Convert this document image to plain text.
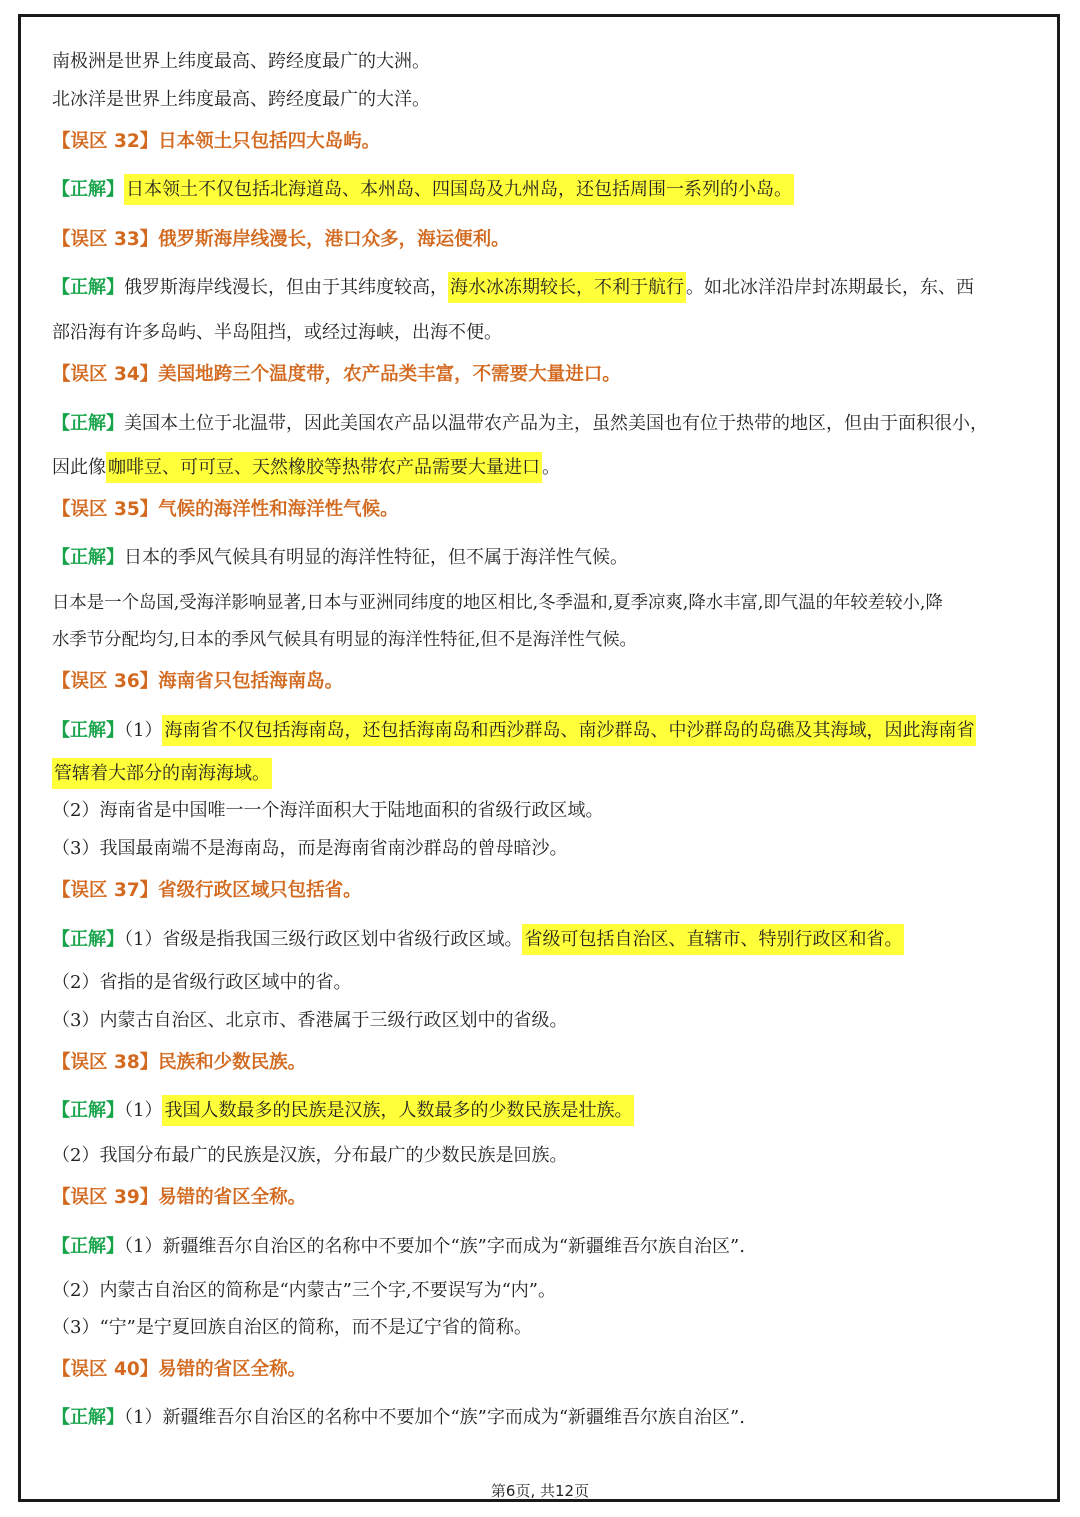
南极洲是世界上纬度最高、跨经度最广的大洲。
北冰洋是世界上纬度最高、跨经度最广的大洋。
【误区 32】日本领土只包括四大岛屿。
【正解】 日本领土不仅包括北海道岛、本州岛、四国岛及九州岛，还包括周围一系列的小岛。
【误区 33】俄罗斯海岸线漫长，港口众多，海运便利。
【正解】俄罗斯海岸线漫长，但由于其纬度较高， 海水冰冻期较长，不利于航行 。如北冰洋沿岸封冻期最长，东、西
部沿海有许多岛屿、半岛阻挡，或经过海峡，出海不便。
【误区 34】美国地跨三个温度带，农产品类丰富，不需要大量进口。
【正解】美国本土位于北温带，因此美国农产品以温带农产品为主，虽然美国也有位于热带的地区，但由于面积很小，
因此像 咖啡豆、可可豆、天然橡胶等热带农产品需要大量进口 。
【误区 35】气候的海洋性和海洋性气候。
【正解】日本的季风气候具有明显的海洋性特征，但不属于海洋性气候。
日本是一个岛国,受海洋影响显著,日本与亚洲同纬度的地区相比,冬季温和,夏季凉爽,降水丰富,即气温的年较差较小,降
水季节分配均匀,日本的季风气候具有明显的海洋性特征,但不是海洋性气候。
【误区 36】海南省只包括海南岛。
【正解】（1） 海南省不仅包括海南岛，还包括海南岛和西沙群岛、南沙群岛、中沙群岛的岛礁及其海域，因此海南省
管辖着大部分的南海海域。
（2）海南省是中国唯一一个海洋面积大于陆地面积的省级行政区域。
（3）我国最南端不是海南岛，而是海南省南沙群岛的曾母暗沙。
【误区 37】省级行政区域只包括省。
【正解】（1）省级是指我国三级行政区划中省级行政区域。 省级可包括自治区、直辖市、特别行政区和省。
（2）省指的是省级行政区域中的省。
（3）内蒙古自治区、北京市、香港属于三级行政区划中的省级。
【误区 38】民族和少数民族。
【正解】（1） 我国人数最多的民族是汉族，人数最多的少数民族是壮族。
（2）我国分布最广的民族是汉族，分布最广的少数民族是回族。
【误区 39】易错的省区全称。
【正解】（1）新疆维吾尔自治区的名称中不要加个“族”字而成为“新疆维吾尔族自治区”.
（2）内蒙古自治区的简称是“内蒙古”三个字,不要误写为“内”。
（3）“宁”是宁夏回族自治区的简称，而不是辽宁省的简称。
【误区 40】易错的省区全称。
【正解】（1）新疆维吾尔自治区的名称中不要加个“族”字而成为“新疆维吾尔族自治区”.
第6页, 共12页
